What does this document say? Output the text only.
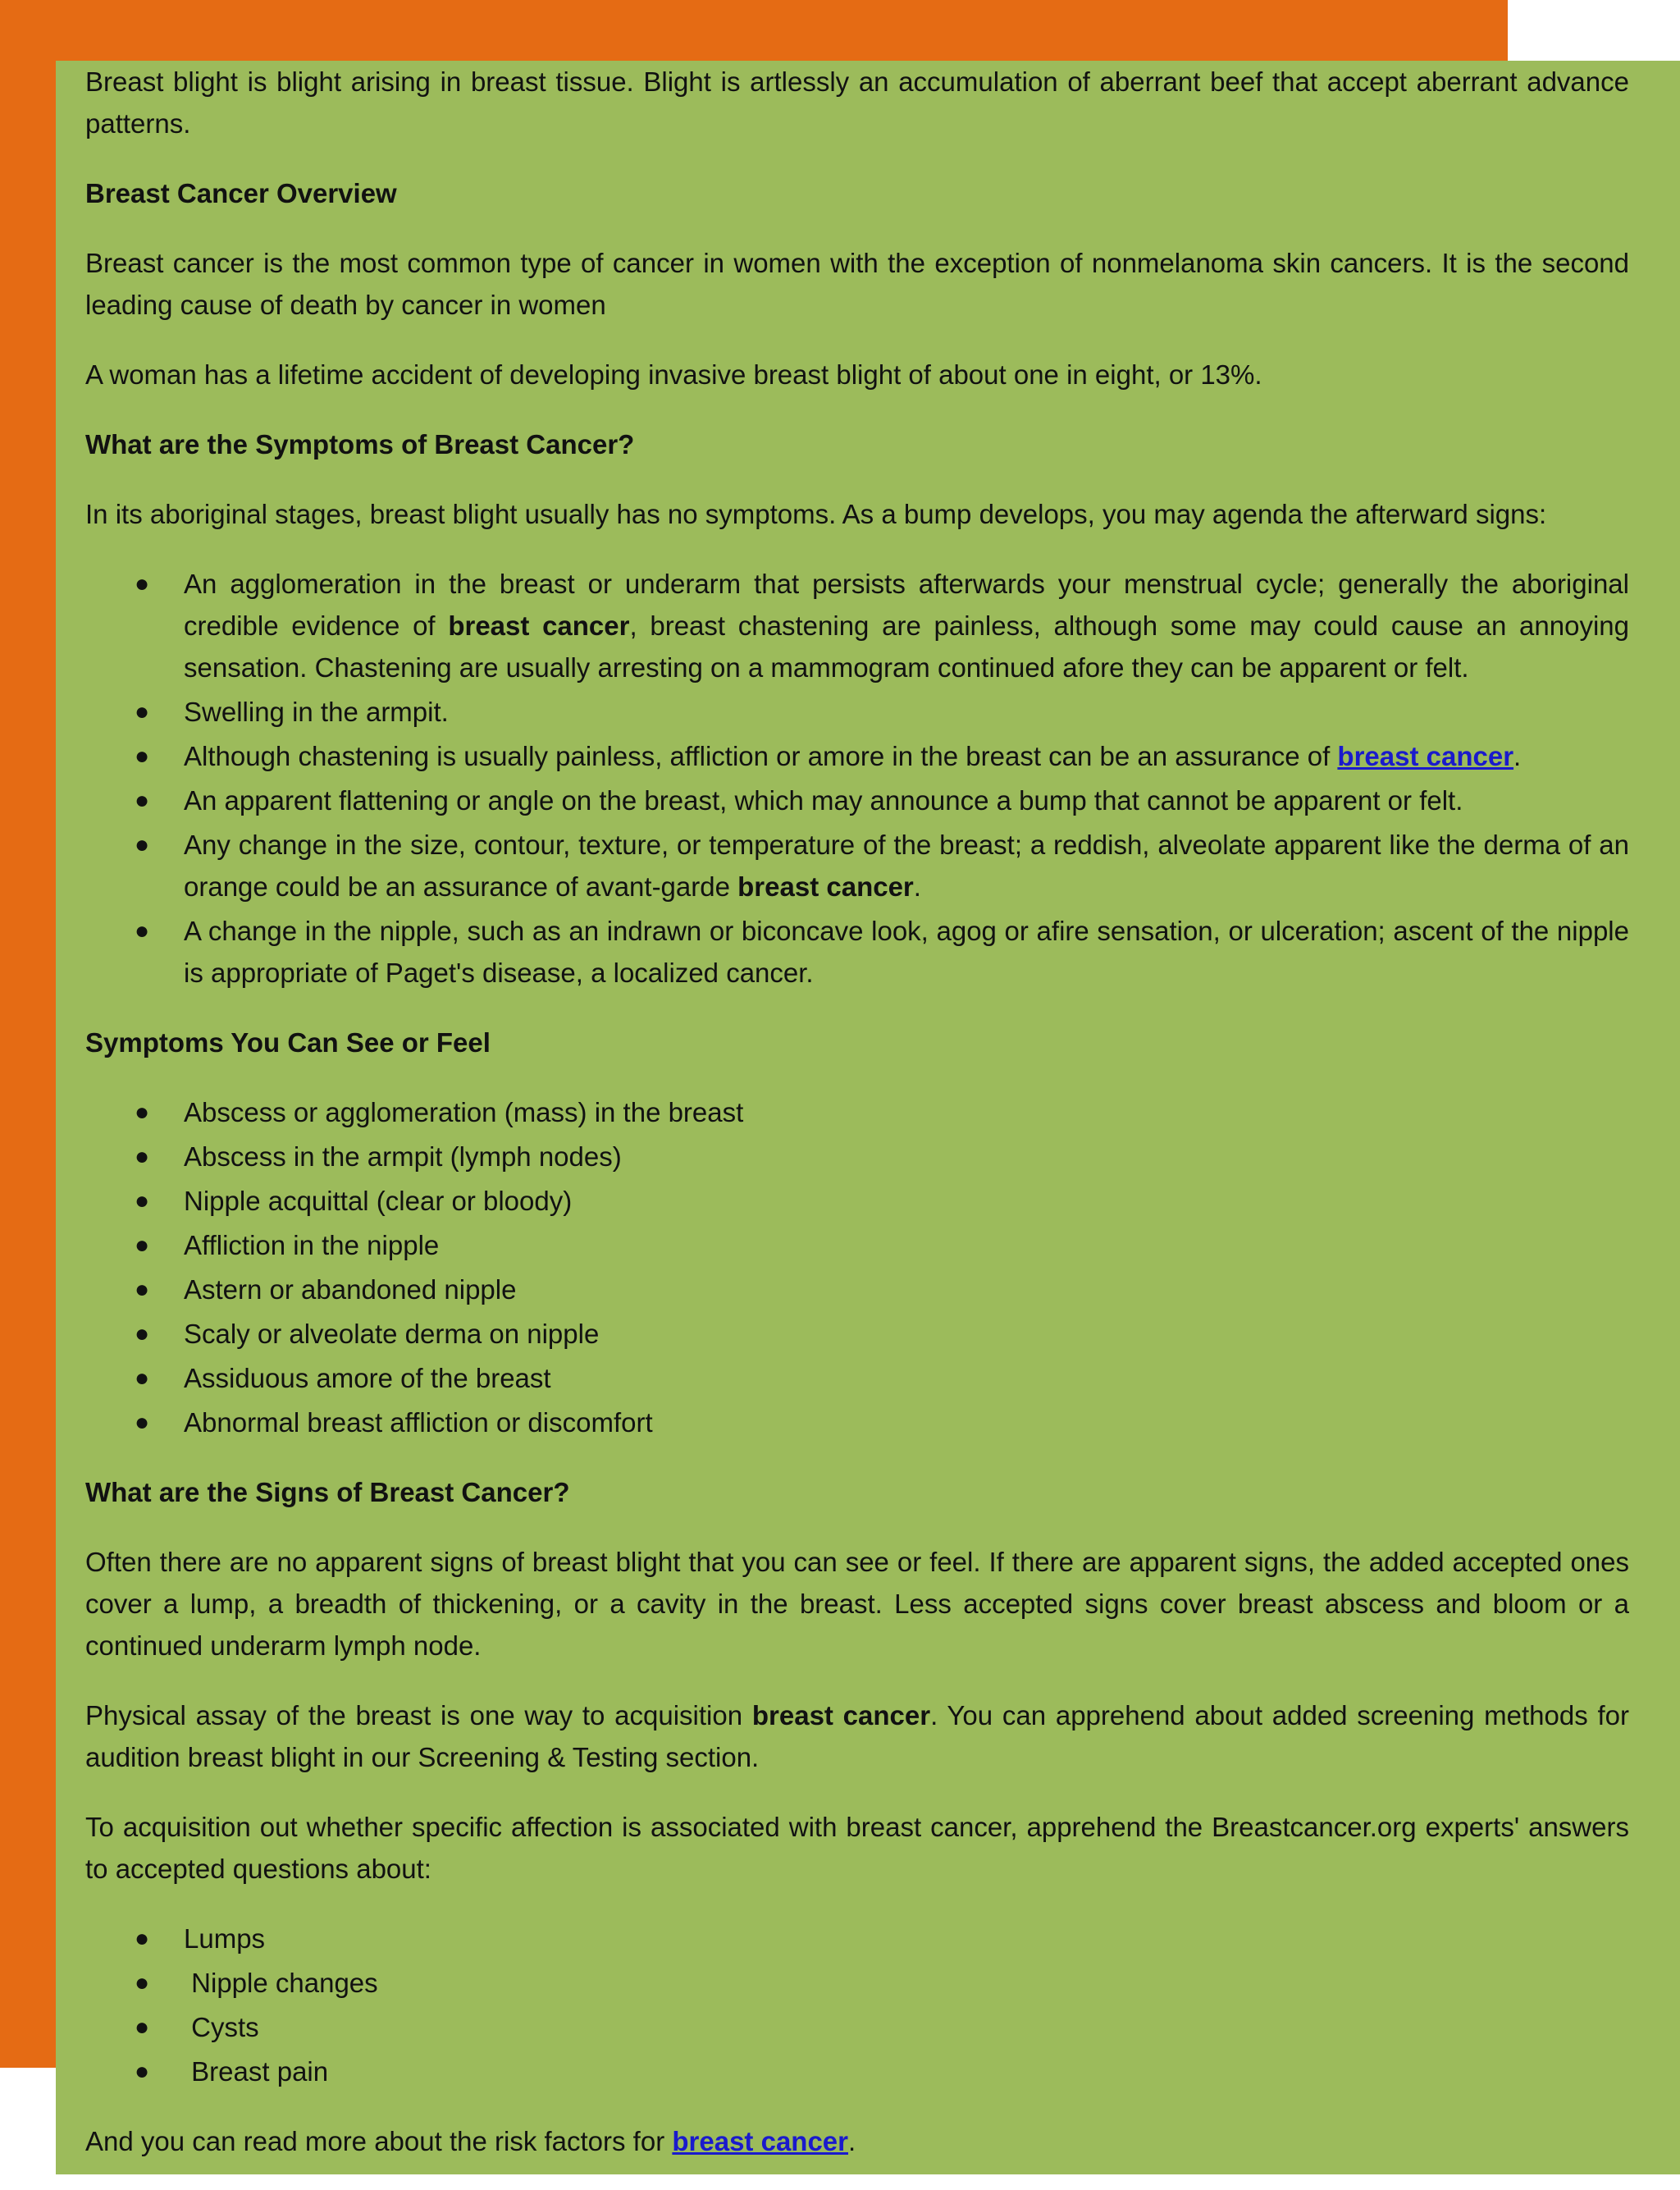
Breast blight is blight arising in breast tissue. Blight is artlessly an accumulation of aberrant beef that accept aberrant advance patterns.

Breast Cancer Overview

Breast cancer is the most common type of cancer in women with the exception of nonmelanoma skin cancers. It is the second leading cause of death by cancer in women

A woman has a lifetime accident of developing invasive breast blight of about one in eight, or 13%.

What are the Symptoms of Breast Cancer?

In its aboriginal stages, breast blight usually has no symptoms. As a bump develops, you may agenda the afterward signs:

● An agglomeration in the breast or underarm that persists afterwards your menstrual cycle; generally the aboriginal credible evidence of breast cancer, breast chastening are painless, although some may could cause an annoying sensation. Chastening are usually arresting on a mammogram continued afore they can be apparent or felt.
● Swelling in the armpit.
● Although chastening is usually painless, affliction or amore in the breast can be an assurance of breast cancer.
● An apparent flattening or angle on the breast, which may announce a bump that cannot be apparent or felt.
● Any change in the size, contour, texture, or temperature of the breast; a reddish, alveolate apparent like the derma of an orange could be an assurance of avant-garde breast cancer.
● A change in the nipple, such as an indrawn or biconcave look, agog or afire sensation, or ulceration; ascent of the nipple is appropriate of Paget's disease, a localized cancer.

Symptoms You Can See or Feel

● Abscess or agglomeration (mass) in the breast
● Abscess in the armpit (lymph nodes)
● Nipple acquittal (clear or bloody)
● Affliction in the nipple
● Astern or abandoned nipple
● Scaly or alveolate derma on nipple
● Assiduous amore of the breast
● Abnormal breast affliction or discomfort

What are the Signs of Breast Cancer?

Often there are no apparent signs of breast blight that you can see or feel. If there are apparent signs, the added accepted ones cover a lump, a breadth of thickening, or a cavity in the breast. Less accepted signs cover breast abscess and bloom or a continued underarm lymph node.

Physical assay of the breast is one way to acquisition breast cancer. You can apprehend about added screening methods for audition breast blight in our Screening & Testing section.

To acquisition out whether specific affection is associated with breast cancer, apprehend the Breastcancer.org experts' answers to accepted questions about:

● Lumps
● Nipple changes
● Cysts
● Breast pain

And you can read more about the risk factors for breast cancer.
